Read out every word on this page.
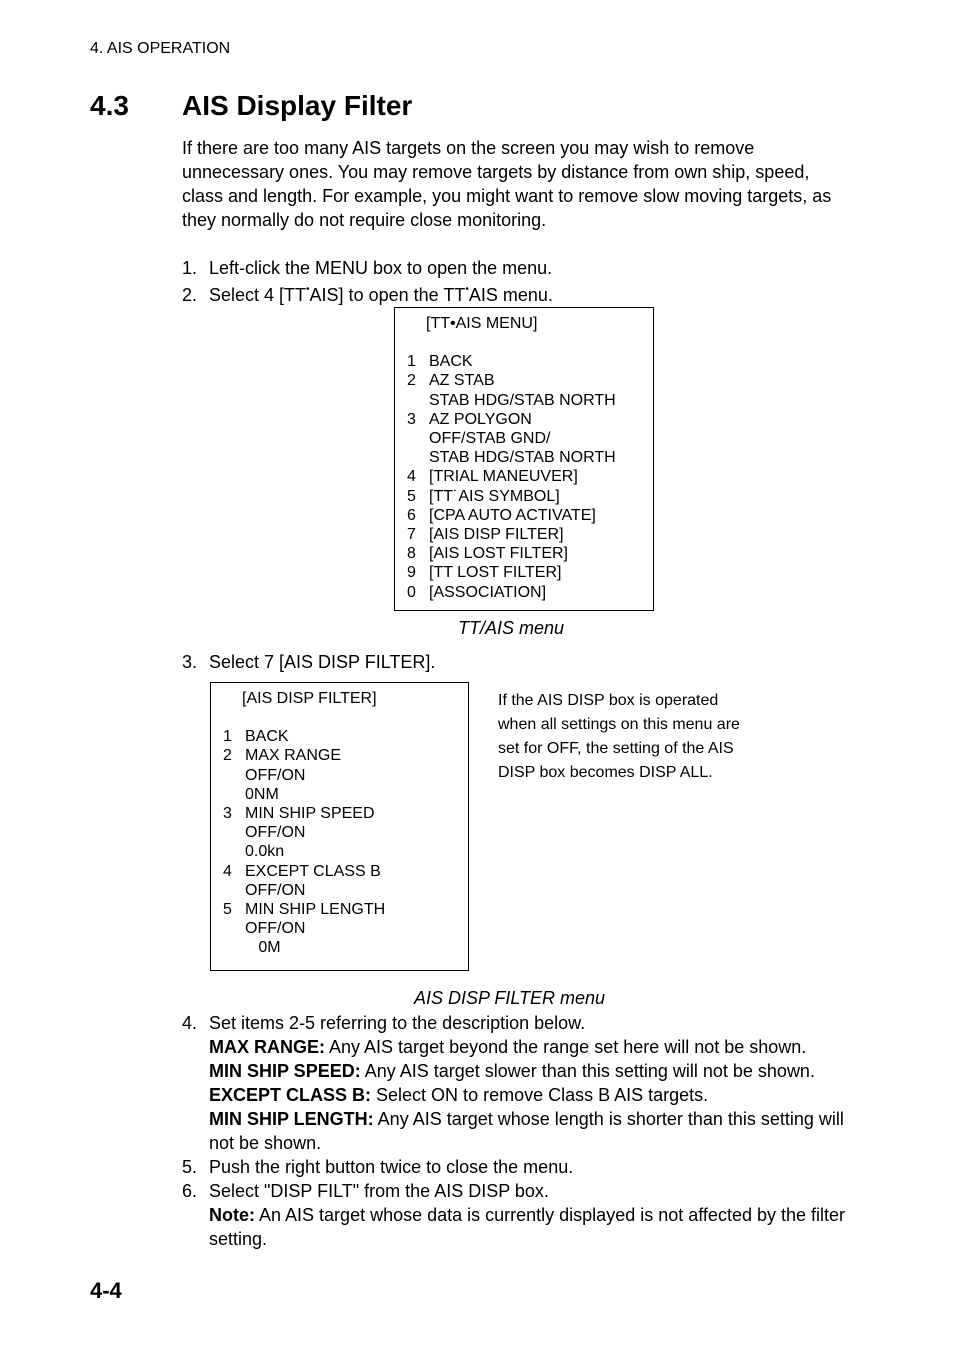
4. AIS OPERATION
4.3 AIS Display Filter

If there are too many AIS targets on the screen you may wish to remove unnecessary ones. You may remove targets by distance from own ship, speed, class and length. For example, you might want to remove slow moving targets, as they normally do not require close monitoring.

1. Left-click the MENU box to open the menu.
2. Select 4 [TT•AIS] to open the TT•AIS menu.
[TT•AIS MENU]
1 BACK
2 AZ STAB
STAB HDG/STAB NORTH
3 AZ POLYGON
OFF/STAB GND/
STAB HDG/STAB NORTH
4 [TRIAL MANEUVER]
5 [TT˙AIS SYMBOL]
6 [CPA AUTO ACTIVATE]
7 [AIS DISP FILTER]
8 [AIS LOST FILTER]
9 [TT LOST FILTER]
0 [ASSOCIATION]
TT/AIS menu
3. Select 7 [AIS DISP FILTER].
[AIS DISP FILTER]
1 BACK
2 MAX RANGE
OFF/ON
0NM
3 MIN SHIP SPEED
OFF/ON
0.0kn
4 EXCEPT CLASS B
OFF/ON
5 MIN SHIP LENGTH
OFF/ON
0M
If the AIS DISP box is operated when all settings on this menu are set for OFF, the setting of the AIS DISP box becomes DISP ALL.
AIS DISP FILTER menu
4. Set items 2-5 referring to the description below.

MAX RANGE: Any AIS target beyond the range set here will not be shown.

MIN SHIP SPEED: Any AIS target slower than this setting will not be shown.

EXCEPT CLASS B: Select ON to remove Class B AIS targets.

MIN SHIP LENGTH: Any AIS target whose length is shorter than this setting will not be shown.

5. Push the right button twice to close the menu.
6. Select "DISP FILT" from the AIS DISP box.

Note: An AIS target whose data is currently displayed is not affected by the filter setting.

4-4
